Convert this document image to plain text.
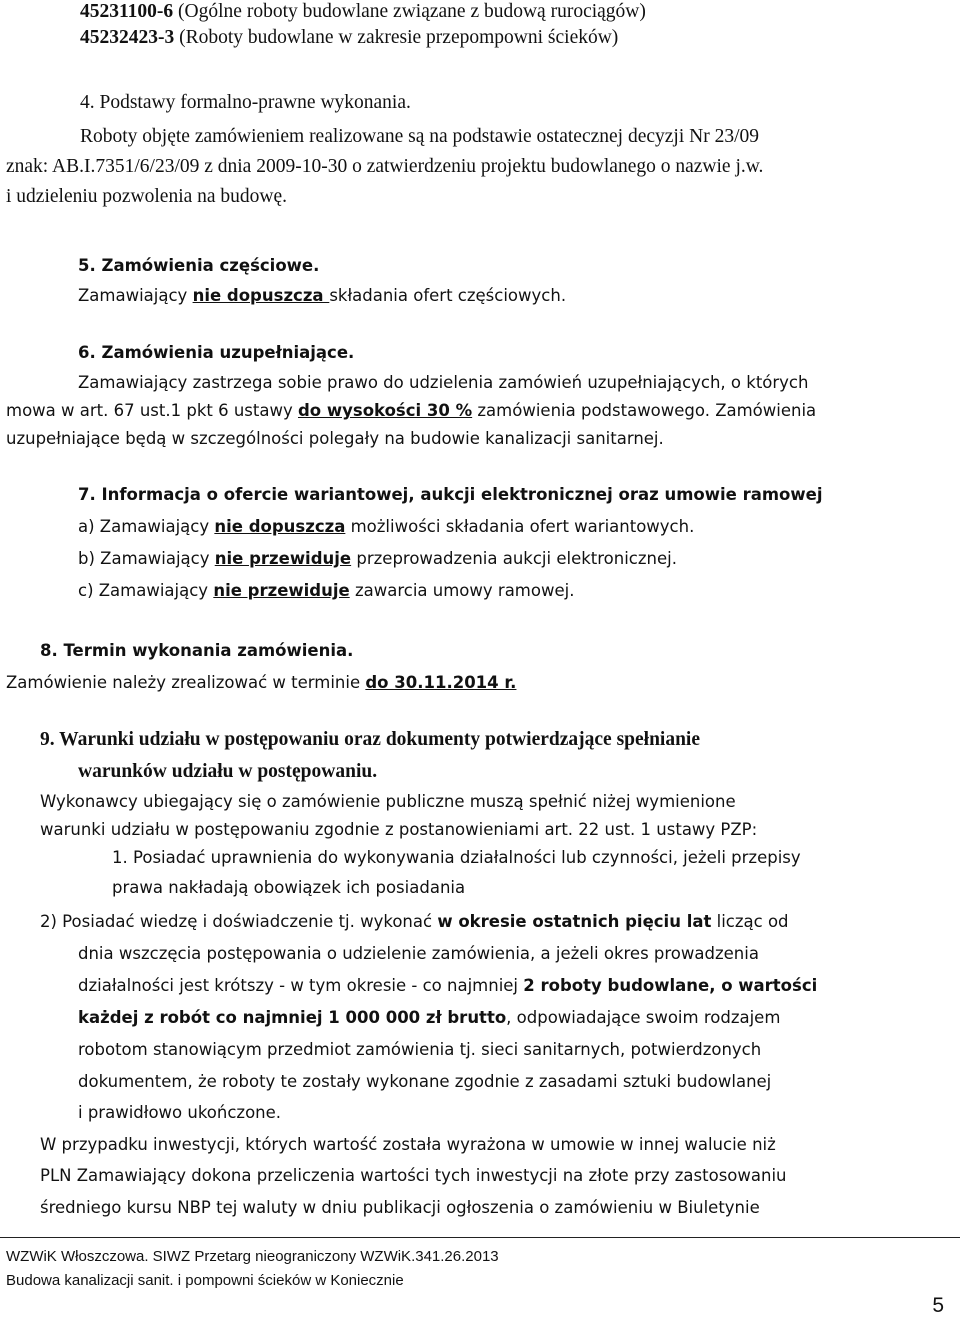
45231100-6 (Ogólne roboty budowlane związane z budową rurociągów)
45232423-3 (Roboty budowlane w zakresie przepompowni ścieków)
4. Podstawy formalno-prawne wykonania.
Roboty objęte zamówieniem realizowane są na podstawie ostatecznej decyzji Nr 23/09
znak: AB.I.7351/6/23/09 z dnia 2009-10-30 o zatwierdzeniu projektu budowlanego o nazwie j.w.
i udzieleniu pozwolenia na budowę.
5. Zamówienia częściowe.
Zamawiający nie dopuszcza składania ofert częściowych.
6. Zamówienia uzupełniające.
Zamawiający zastrzega sobie prawo do udzielenia zamówień uzupełniających, o których
mowa w art. 67 ust.1 pkt 6 ustawy do wysokości 30 % zamówienia podstawowego. Zamówienia
uzupełniające będą w szczególności polegały na budowie kanalizacji sanitarnej.
7. Informacja o ofercie wariantowej, aukcji elektronicznej oraz umowie ramowej
a) Zamawiający nie dopuszcza możliwości składania ofert wariantowych.
b) Zamawiający nie przewiduje przeprowadzenia aukcji elektronicznej.
c) Zamawiający nie przewiduje zawarcia umowy ramowej.
8. Termin wykonania zamówienia.
Zamówienie należy zrealizować w terminie do 30.11.2014 r.
9. Warunki udziału w postępowaniu oraz dokumenty potwierdzające spełnianie
warunków udziału w postępowaniu.
Wykonawcy ubiegający się o zamówienie publiczne muszą spełnić niżej wymienione
warunki udziału w postępowaniu zgodnie z postanowieniami art. 22 ust. 1 ustawy PZP:
1. Posiadać uprawnienia do wykonywania działalności lub czynności, jeżeli przepisy
prawa nakładają obowiązek ich posiadania
2) Posiadać wiedzę i doświadczenie tj. wykonać w okresie ostatnich pięciu lat licząc od
dnia wszczęcia postępowania o udzielenie zamówienia, a jeżeli okres prowadzenia
działalności jest krótszy - w tym okresie - co najmniej 2 roboty budowlane, o wartości
każdej z robót co najmniej 1 000 000 zł brutto, odpowiadające swoim rodzajem
robotom stanowiącym przedmiot zamówienia tj. sieci sanitarnych, potwierdzonych
dokumentem, że roboty te zostały wykonane zgodnie z zasadami sztuki budowlanej
i prawidłowo ukończone.
W przypadku inwestycji, których wartość została wyrażona w umowie w innej walucie niż
PLN Zamawiający dokona przeliczenia wartości tych inwestycji na złote przy zastosowaniu
średniego kursu NBP tej waluty w dniu publikacji ogłoszenia o zamówieniu w Biuletynie
WZWiK Włoszczowa. SIWZ Przetarg nieograniczony WZWiK.341.26.2013
Budowa kanalizacji sanit. i pompowni ścieków w Koniecznie
5
